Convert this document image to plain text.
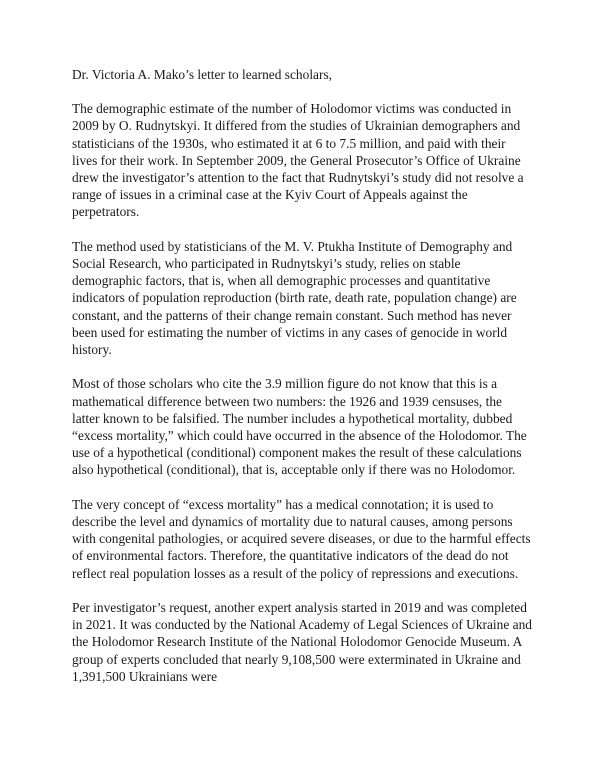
Dr. Victoria A. Mako’s letter to learned scholars,

The demographic estimate of the number of Holodomor victims was conducted in 2009 by O. Rudnytskyi. It differed from the studies of Ukrainian demographers and statisticians of the 1930s, who estimated it at 6 to 7.5 million, and paid with their lives for their work. In September 2009, the General Prosecutor’s Office of Ukraine drew the investigator’s attention to the fact that Rudnytskyi’s study did not resolve a range of issues in a criminal case at the Kyiv Court of Appeals against the perpetrators.

The method used by statisticians of the M. V. Ptukha Institute of Demography and Social Research, who participated in Rudnytskyi’s study, relies on stable demographic factors, that is, when all demographic processes and quantitative indicators of population reproduction (birth rate, death rate, population change) are constant, and the patterns of their change remain constant. Such method has never been used for estimating the number of victims in any cases of genocide in world history.

Most of those scholars who cite the 3.9 million figure do not know that this is a mathematical difference between two numbers: the 1926 and 1939 censuses, the latter known to be falsified. The number includes a hypothetical mortality, dubbed “excess mortality,” which could have occurred in the absence of the Holodomor. The use of a hypothetical (conditional) component makes the result of these calculations also hypothetical (conditional), that is, acceptable only if there was no Holodomor.

The very concept of “excess mortality” has a medical connotation; it is used to describe the level and dynamics of mortality due to natural causes, among persons with congenital pathologies, or acquired severe diseases, or due to the harmful effects of environmental factors. Therefore, the quantitative indicators of the dead do not reflect real population losses as a result of the policy of repressions and executions.

Per investigator’s request, another expert analysis started in 2019 and was completed in 2021. It was conducted by the National Academy of Legal Sciences of Ukraine and the Holodomor Research Institute of the National Holodomor Genocide Museum. A group of experts concluded that nearly 9,108,500 were exterminated in Ukraine and 1,391,500 Ukrainians were
